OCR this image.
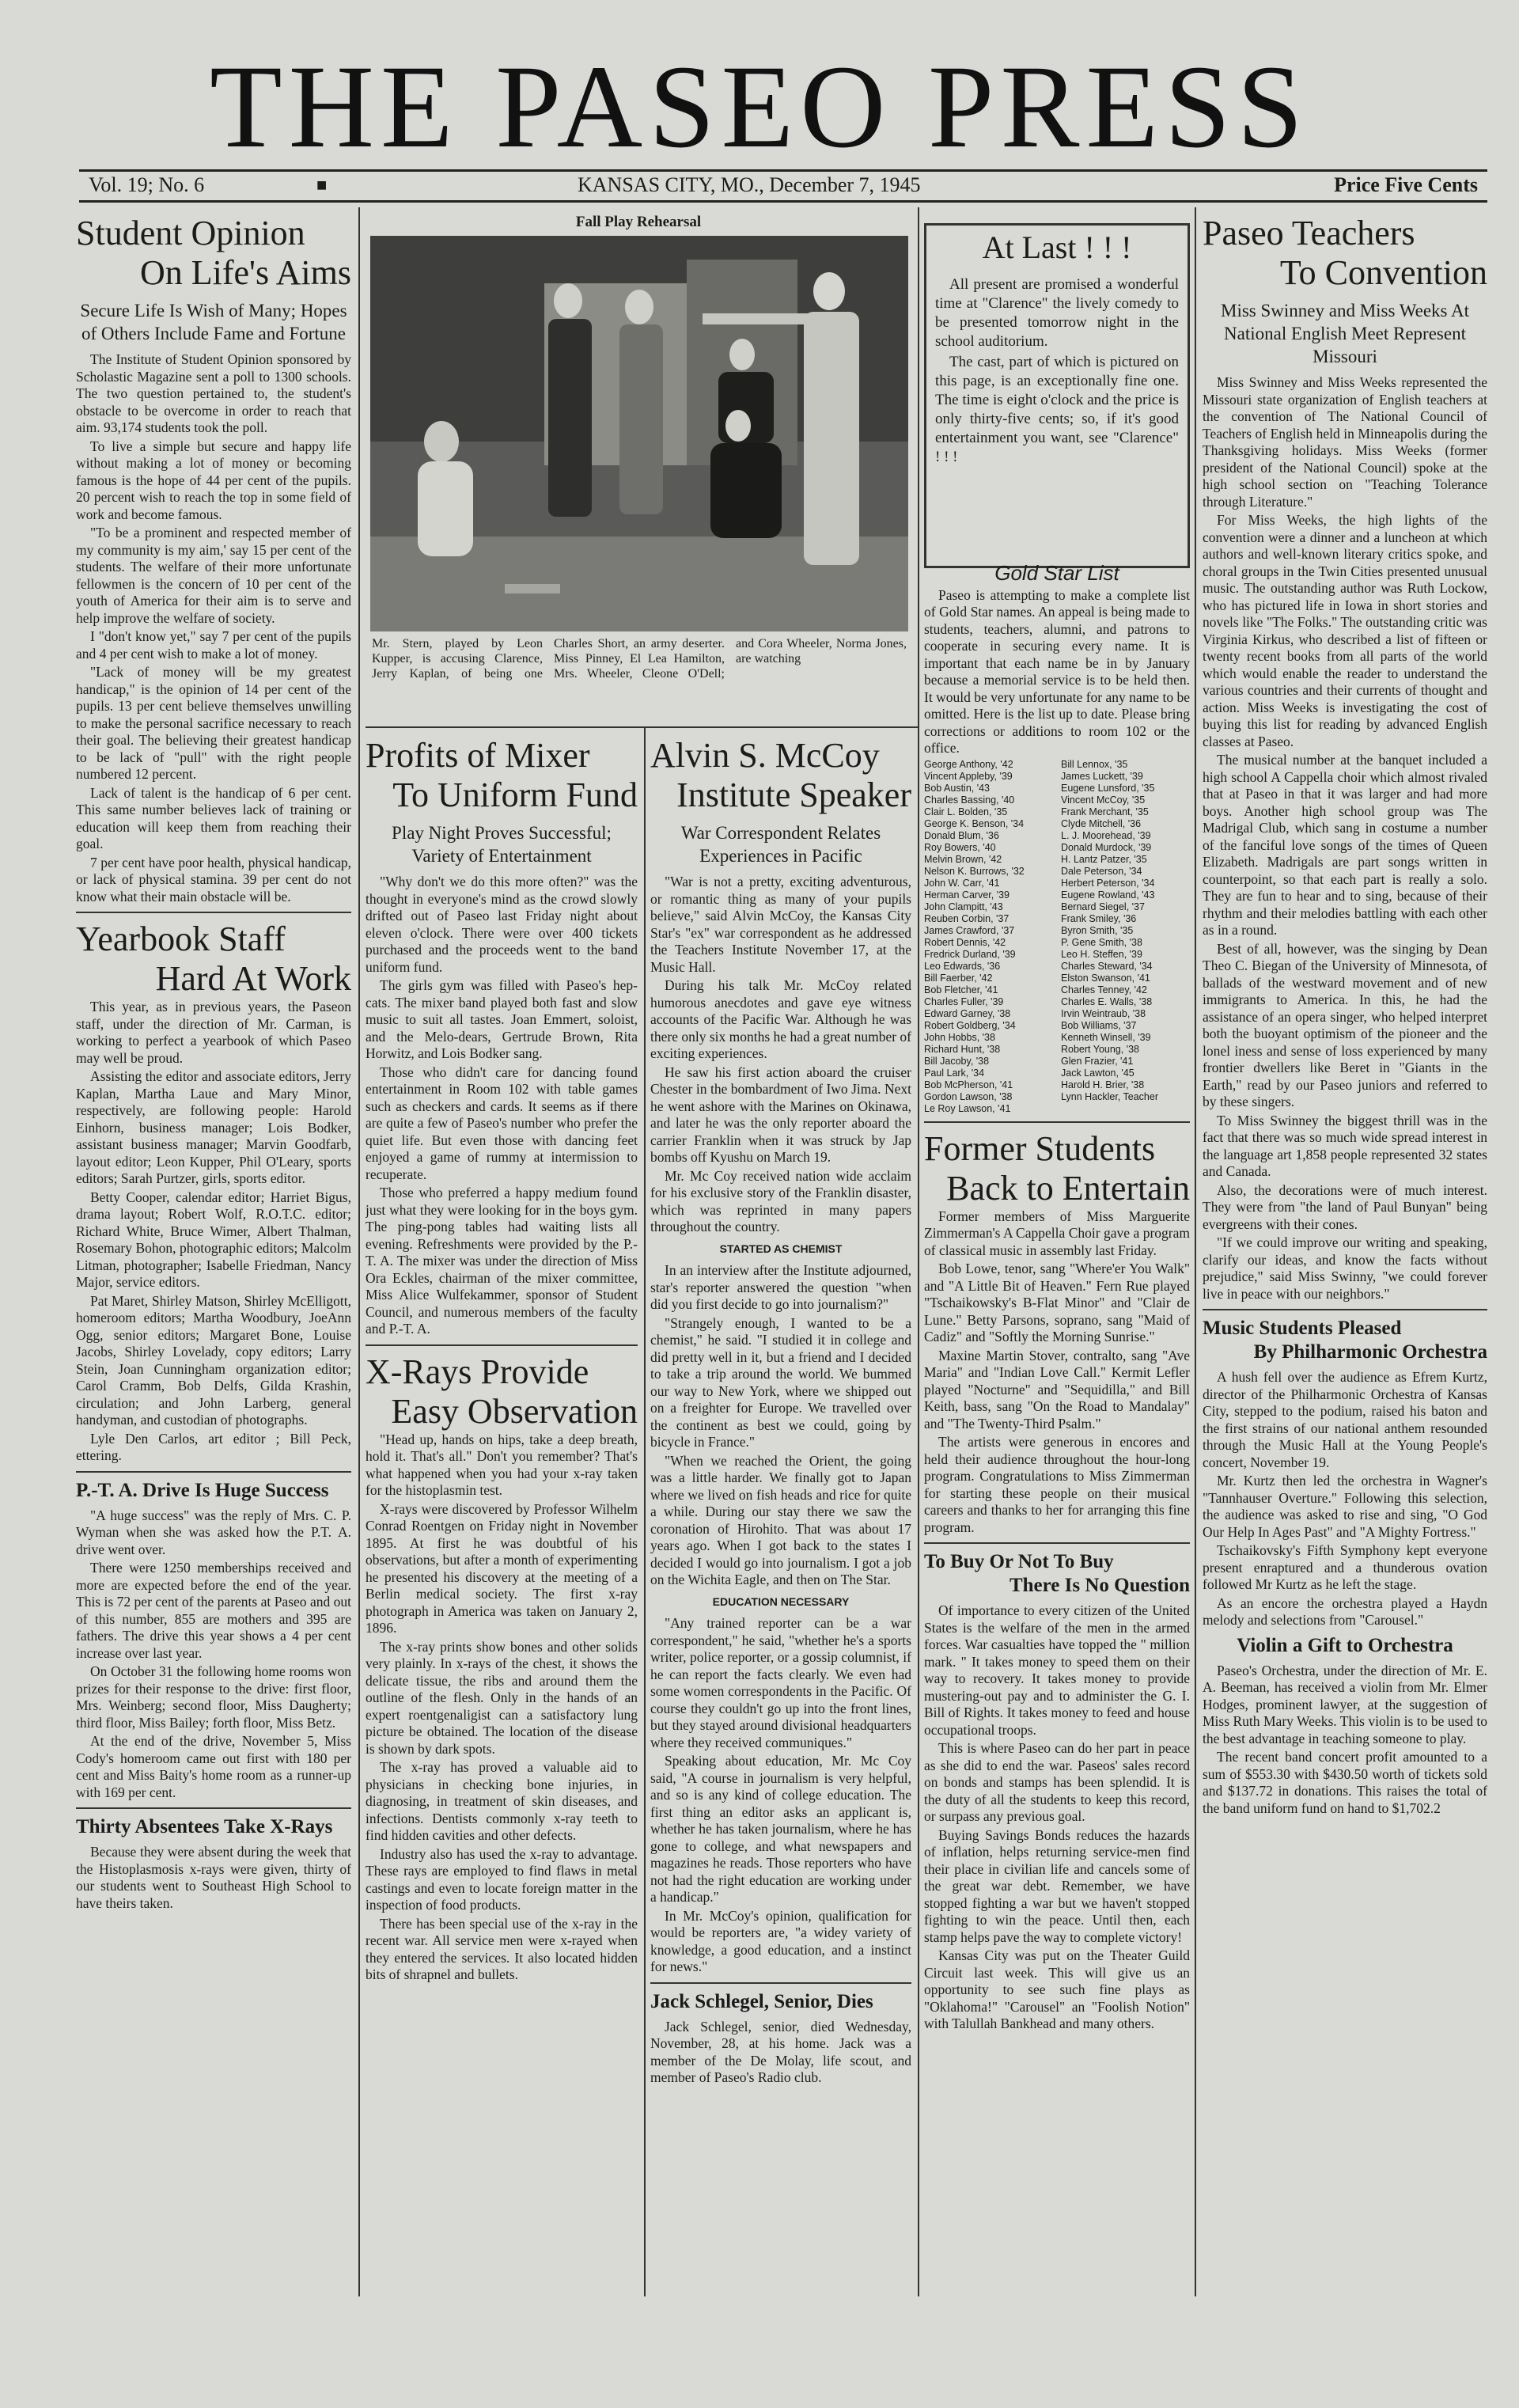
THE PASEO PRESS
Vol. 19; No. 6	■	KANSAS CITY, MO., December 7, 1945	Price Five Cents
Student Opinion
On Life's Aims
Secure Life Is Wish of Many; Hopes of Others Include Fame and Fortune

The Institute of Student Opinion sponsored by Scholastic Magazine sent a poll to 1300 schools. The two question pertained to, the student's obstacle to be overcome in order to reach that aim. 93,174 students took the poll.

To live a simple but secure and happy life without making a lot of money or becoming famous is the hope of 44 per cent of the pupils. 20 percent wish to reach the top in some field of work and become famous.

"To be a prominent and respected member of my community is my aim,' say 15 per cent of the students. The welfare of their more unfortunate fellowmen is the concern of 10 per cent of the youth of America for their aim is to serve and help improve the welfare of society.

I "don't know yet," say 7 per cent of the pupils and 4 per cent wish to make a lot of money.

"Lack of money will be my greatest handicap," is the opinion of 14 per cent of the pupils. 13 per cent believe themselves unwilling to make the personal sacrifice necessary to reach their goal. The believing their greatest handicap to be lack of "pull" with the right people numbered 12 percent.

Lack of talent is the handicap of 6 per cent. This same number believes lack of training or education will keep them from reaching their goal.

7 per cent have poor health, physical handicap, or lack of physical stamina. 39 per cent do not know what their main obstacle will be.

Yearbook Staff
Hard At Work

This year, as in previous years, the Paseon staff, under the direction of Mr. Carman, is working to perfect a yearbook of which Paseo may well be proud.

Assisting the editor and associate editors, Jerry Kaplan, Martha Laue and Mary Minor, respectively, are following people: Harold Einhorn, business manager; Lois Bodker, assistant business manager; Marvin Goodfarb, layout editor; Leon Kupper, Phil O'Leary, sports editors; Sarah Purtzer, girls, sports editor.

Betty Cooper, calendar editor; Harriet Bigus, drama layout; Robert Wolf, R.O.T.C. editor; Richard White, Bruce Wimer, Albert Thalman, Rosemary Bohon, photographic editors; Malcolm Litman, photographer; Isabelle Friedman, Nancy Major, service editors.

Pat Maret, Shirley Matson, Shirley McElligott, homeroom editors; Martha Woodbury, JoeAnn Ogg, senior editors; Margaret Bone, Louise Jacobs, Shirley Lovelady, copy editors; Larry Stein, Joan Cunningham organization editor; Carol Cramm, Bob Delfs, Gilda Krashin, circulation; and John Larberg, general handyman, and custodian of photographs.

Lyle Den Carlos, art editor ; Bill Peck, ettering.

P.-T. A. Drive Is Huge Success

"A huge success" was the reply of Mrs. C. P. Wyman when she was asked how the P.T. A. drive went over.

There were 1250 memberships received and more are expected before the end of the year. This is 72 per cent of the parents at Paseo and out of this number, 855 are mothers and 395 are fathers. The drive this year shows a 4 per cent increase over last year.

On October 31 the following home rooms won prizes for their response to the drive: first floor, Mrs. Weinberg; second floor, Miss Daugherty; third floor, Miss Bailey; forth floor, Miss Betz.

At the end of the drive, November 5, Miss Cody's homeroom came out first with 180 per cent and Miss Baity's home room as a runner-up with 169 per cent.

Thirty Absentees Take X-Rays

Because they were absent during the week that the Histoplasmosis x-rays were given, thirty of our students went to Southeast High School to have theirs taken.

Fall Play Rehearsal
Mr. Stern, played by Leon Kupper, is accusing Clarence, Jerry Kaplan, of being one Charles Short, an army deserter. Miss Pinney, El Lea Hamilton, Mrs. Wheeler, Cleone O'Dell; and Cora Wheeler, Norma Jones, are watching
Profits of Mixer
To Uniform Fund
Play Night Proves Successful; Variety of Entertainment

"Why don't we do this more often?" was the thought in everyone's mind as the crowd slowly drifted out of Paseo last Friday night about eleven o'clock. There were over 400 tickets purchased and the proceeds went to the band uniform fund.

The girls gym was filled with Paseo's hep-cats. The mixer band played both fast and slow music to suit all tastes. Joan Emmert, soloist, and the Melo-dears, Gertrude Brown, Rita Horwitz, and Lois Bodker sang.

Those who didn't care for dancing found entertainment in Room 102 with table games such as checkers and cards. It seems as if there are quite a few of Paseo's number who prefer the quiet life. But even those with dancing feet enjoyed a game of rummy at intermission to recuperate.

Those who preferred a happy medium found just what they were looking for in the boys gym. The ping-pong tables had waiting lists all evening. Refreshments were provided by the P.-T. A. The mixer was under the direction of Miss Ora Eckles, chairman of the mixer committee, Miss Alice Wulfekammer, sponsor of Student Council, and numerous members of the faculty and P.-T. A.

X-Rays Provide
Easy Observation

"Head up, hands on hips, take a deep breath, hold it. That's all." Don't you remember? That's what happened when you had your x-ray taken for the histoplasmin test.

X-rays were discovered by Professor Wilhelm Conrad Roentgen on Friday night in November 1895. At first he was doubtful of his observations, but after a month of experimenting he presented his discovery at the meeting of a Berlin medical society. The first x-ray photograph in America was taken on January 2, 1896.

The x-ray prints show bones and other solids very plainly. In x-rays of the chest, it shows the delicate tissue, the ribs and around them the outline of the flesh. Only in the hands of an expert roentgenaligist can a satisfactory lung picture be obtained. The location of the disease is shown by dark spots.

The x-ray has proved a valuable aid to physicians in checking bone injuries, in diagnosing, in treatment of skin diseases, and infections. Dentists commonly x-ray teeth to find hidden cavities and other defects.

Industry also has used the x-ray to advantage. These rays are employed to find flaws in metal castings and even to locate foreign matter in the inspection of food products.

There has been special use of the x-ray in the recent war. All service men were x-rayed when they entered the services. It also located hidden bits of shrapnel and bullets.

Alvin S. McCoy
Institute Speaker
War Correspondent Relates Experiences in Pacific

"War is not a pretty, exciting adventurous, or romantic thing as many of your pupils believe," said Alvin McCoy, the Kansas City Star's "ex" war correspondent as he addressed the Teachers Institute November 17, at the Music Hall.

During his talk Mr. McCoy related humorous anecdotes and gave eye witness accounts of the Pacific War. Although he was there only six months he had a great number of exciting experiences.

He saw his first action aboard the cruiser Chester in the bombardment of Iwo Jima. Next he went ashore with the Marines on Okinawa, and later he was the only reporter aboard the carrier Franklin when it was struck by Jap bombs off Kyushu on March 19.

Mr. Mc Coy received nation wide acclaim for his exclusive story of the Franklin disaster, which was reprinted in many papers throughout the country.

STARTED AS CHEMIST

In an interview after the Institute adjourned, star's reporter answered the question "when did you first decide to go into journalism?"

"Strangely enough, I wanted to be a chemist," he said. "I studied it in college and did pretty well in it, but a friend and I decided to take a trip around the world. We bummed our way to New York, where we shipped out on a freighter for Europe. We travelled over the continent as best we could, going by bicycle in France."

"When we reached the Orient, the going was a little harder. We finally got to Japan where we lived on fish heads and rice for quite a while. During our stay there we saw the coronation of Hirohito. That was about 17 years ago. When I got back to the states I decided I would go into journalism. I got a job on the Wichita Eagle, and then on The Star.

EDUCATION NECESSARY

"Any trained reporter can be a war correspondent," he said, "whether he's a sports writer, police reporter, or a gossip columnist, if he can report the facts clearly. We even had some women correspondents in the Pacific. Of course they couldn't go up into the front lines, but they stayed around divisional headquarters where they received communiques."

Speaking about education, Mr. Mc Coy said, "A course in journalism is very helpful, and so is any kind of college education. The first thing an editor asks an applicant is, whether he has taken journalism, where he has gone to college, and what newspapers and magazines he reads. Those reporters who have not had the right education are working under a handicap."

In Mr. McCoy's opinion, qualification for would be reporters are, "a widey variety of knowledge, a good education, and a instinct for news."

Jack Schlegel, Senior, Dies

Jack Schlegel, senior, died Wednesday, November, 28, at his home. Jack was a member of the De Molay, life scout, and member of Paseo's Radio club.

At Last ! ! !

All present are promised a wonderful time at "Clarence" the lively comedy to be presented tomorrow night in the school auditorium.

The cast, part of which is pictured on this page, is an exceptionally fine one. The time is eight o'clock and the price is only thirty-five cents; so, if it's good entertainment you want, see "Clarence" ! ! !

Gold Star List

Paseo is attempting to make a complete list of Gold Star names. An appeal is being made to students, teachers, alumni, and patrons to cooperate in securing every name. It is important that each name be in by January because a memorial service is to be held then. It would be very unfortunate for any name to be omitted. Here is the list up to date. Please bring corrections or additions to room 102 or the office.

George Anthony, '42
Vincent Appleby, '39
Bob Austin, '43
Charles Bassing, '40
Clair L. Bolden, '35
George K. Benson, '34
Donald Blum, '36
Roy Bowers, '40
Melvin Brown, '42
Nelson K. Burrows, '32
John W. Carr, '41
Herman Carver, '39
John Clampitt, '43
Reuben Corbin, '37
James Crawford, '37
Robert Dennis, '42
Fredrick Durland, '39
Leo Edwards, '36
Bill Faerber, '42
Bob Fletcher, '41
Charles Fuller, '39
Edward Garney, '38
Robert Goldberg, '34
John Hobbs, '38
Richard Hunt, '38
Bill Jacoby, '38
Paul Lark, '34
Bob McPherson, '41
Gordon Lawson, '38
Le Roy Lawson, '41
Bill Lennox, '35
James Luckett, '39
Eugene Lunsford, '35
Vincent McCoy, '35
Frank Merchant, '35
Clyde Mitchell, '36
L. J. Moorehead, '39
Donald Murdock, '39
H. Lantz Patzer, '35
Dale Peterson, '34
Herbert Peterson, '34
Eugene Rowland, '43
Bernard Siegel, '37
Frank Smiley, '36
Byron Smith, '35
P. Gene Smith, '38
Leo H. Steffen, '39
Charles Steward, '34
Elston Swanson, '41
Charles Tenney, '42
Charles E. Walls, '38
Irvin Weintraub, '38
Bob Williams, '37
Kenneth Winsell, '39
Robert Young, '38
Glen Frazier, '41
Jack Lawton, '45
Harold H. Brier, '38
Lynn Hackler, Teacher
Former Students
Back to Entertain

Former members of Miss Marguerite Zimmerman's A Cappella Choir gave a program of classical music in assembly last Friday.

Bob Lowe, tenor, sang "Where'er You Walk" and "A Little Bit of Heaven." Fern Rue played "Tschaikowsky's B-Flat Minor" and "Clair de Lune." Betty Parsons, soprano, sang "Maid of Cadiz" and "Softly the Morning Sunrise."

Maxine Martin Stover, contralto, sang "Ave Maria" and "Indian Love Call." Kermit Lefler played "Nocturne" and "Sequidilla," and Bill Keith, bass, sang "On the Road to Mandalay" and "The Twenty-Third Psalm."

The artists were generous in encores and held their audience throughout the hour-long program. Congratulations to Miss Zimmerman for starting these people on their musical careers and thanks to her for arranging this fine program.

To Buy Or Not To Buy
There Is No Question

Of importance to every citizen of the United States is the welfare of the men in the armed forces. War casualties have topped the " million mark. " It takes money to speed them on their way to recovery. It takes money to provide mustering-out pay and to administer the G. I. Bill of Rights. It takes money to feed and house occupational troops.

This is where Paseo can do her part in peace as she did to end the war. Paseos' sales record on bonds and stamps has been splendid. It is the duty of all the students to keep this record, or surpass any previous goal.

Buying Savings Bonds reduces the hazards of inflation, helps returning service-men find their place in civilian life and cancels some of the great war debt. Remember, we have stopped fighting a war but we haven't stopped fighting to win the peace. Until then, each stamp helps pave the way to complete victory!

Kansas City was put on the Theater Guild Circuit last week. This will give us an opportunity to see such fine plays as "Oklahoma!" "Carousel" an "Foolish Notion" with Talullah Bankhead and many others.

Paseo Teachers
To Convention
Miss Swinney and Miss Weeks At National English Meet Represent Missouri

Miss Swinney and Miss Weeks represented the Missouri state organization of English teachers at the convention of The National Council of Teachers of English held in Minneapolis during the Thanksgiving holidays. Miss Weeks (former president of the National Council) spoke at the high school section on "Teaching Tolerance through Literature."

For Miss Weeks, the high lights of the convention were a dinner and a luncheon at which authors and well-known literary critics spoke, and choral groups in the Twin Cities presented unusual music. The outstanding author was Ruth Lockow, who has pictured life in Iowa in short stories and novels like "The Folks." The outstanding critic was Virginia Kirkus, who described a list of fifteen or twenty recent books from all parts of the world which would enable the reader to understand the various countries and their currents of thought and action. Miss Weeks is investigating the cost of buying this list for reading by advanced English classes at Paseo.

The musical number at the banquet included a high school A Cappella choir which almost rivaled that at Paseo in that it was larger and had more boys. Another high school group was The Madrigal Club, which sang in costume a number of the fanciful love songs of the times of Queen Elizabeth. Madrigals are part songs written in counterpoint, so that each part is really a solo. They are fun to hear and to sing, because of their rhythm and their melodies battling with each other as in a round.

Best of all, however, was the singing by Dean Theo C. Biegan of the University of Minnesota, of ballads of the westward movement and of new immigrants to America. In this, he had the assistance of an opera singer, who helped interpret both the buoyant optimism of the pioneer and the lonel iness and sense of loss experienced by many frontier dwellers like Beret in "Giants in the Earth," read by our Paseo juniors and referred to by these singers.

To Miss Swinney the biggest thrill was in the fact that there was so much wide spread interest in the language art 1,858 people represented 32 states and Canada.

Also, the decorations were of much interest. They were from "the land of Paul Bunyan" being evergreens with their cones.

"If we could improve our writing and speaking, clarify our ideas, and know the facts without prejudice," said Miss Swinny, "we could forever live in peace with our neighbors."

Music Students Pleased
By Philharmonic Orchestra

A hush fell over the audience as Efrem Kurtz, director of the Philharmonic Orchestra of Kansas City, stepped to the podium, raised his baton and the first strains of our national anthem resounded through the Music Hall at the Young People's concert, November 19.

Mr. Kurtz then led the orchestra in Wagner's "Tannhauser Overture." Following this selection, the audience was asked to rise and sing, "O God Our Help In Ages Past" and "A Mighty Fortress."

Tschaikovsky's Fifth Symphony kept everyone present enraptured and a thunderous ovation followed Mr Kurtz as he left the stage.

As an encore the orchestra played a Haydn melody and selections from "Carousel."

Violin a Gift to Orchestra

Paseo's Orchestra, under the direction of Mr. E. A. Beeman, has received a violin from Mr. Elmer Hodges, prominent lawyer, at the suggestion of Miss Ruth Mary Weeks. This violin is to be used to the best advantage in teaching someone to play.

The recent band concert profit amounted to a sum of $553.30 with $430.50 worth of tickets sold and $137.72 in donations. This raises the total of the band uniform fund on hand to $1,702.2
